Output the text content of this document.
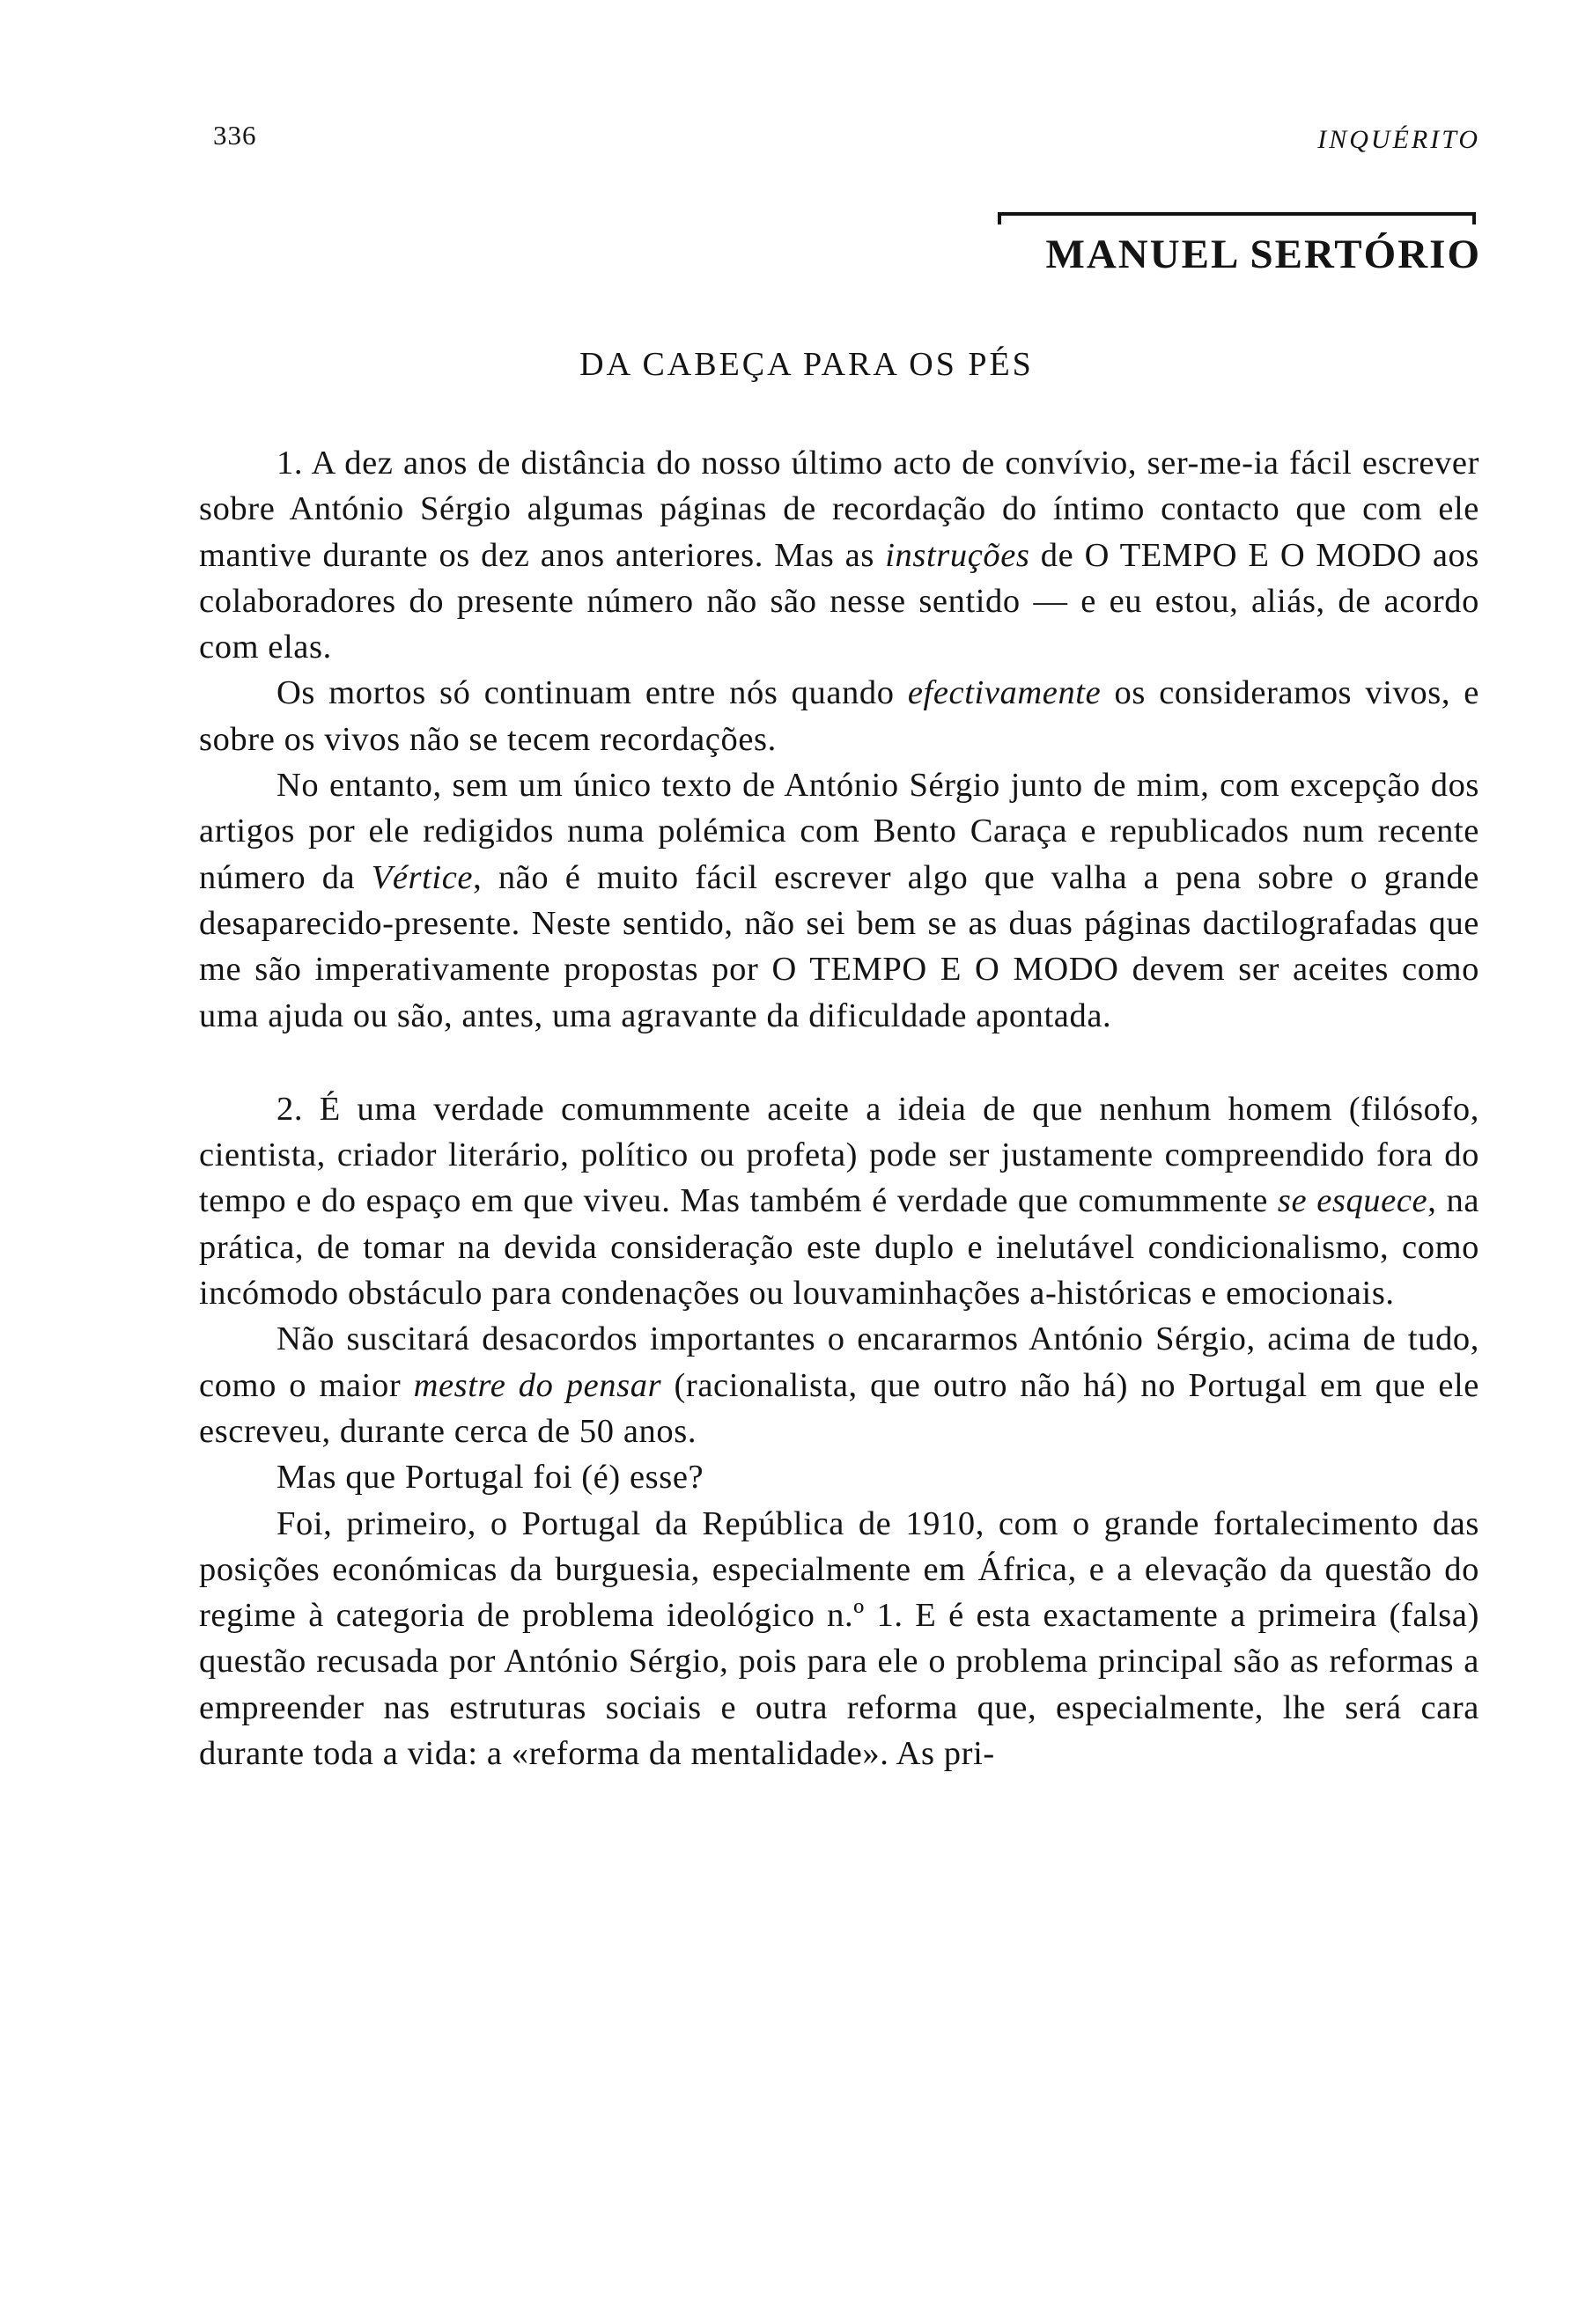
336	INQUÉRITO
MANUEL SERTÓRIO
DA CABEÇA PARA OS PÉS

1. A dez anos de distância do nosso último acto de convívio, ser-me-ia fácil escrever sobre António Sérgio algumas páginas de recordação do íntimo contacto que com ele mantive durante os dez anos anteriores. Mas as instruções de O TEMPO E O MODO aos colaboradores do presente número não são nesse sentido — e eu estou, aliás, de acordo com elas.

Os mortos só continuam entre nós quando efectivamente os consideramos vivos, e sobre os vivos não se tecem recordações.

No entanto, sem um único texto de António Sérgio junto de mim, com excepção dos artigos por ele redigidos numa polémica com Bento Caraça e republicados num recente número da Vértice, não é muito fácil escrever algo que valha a pena sobre o grande desaparecido-presente. Neste sentido, não sei bem se as duas páginas dactilografadas que me são imperativamente propostas por O TEMPO E O MODO devem ser aceites como uma ajuda ou são, antes, uma agravante da dificuldade apontada.

2. É uma verdade comummente aceite a ideia de que nenhum homem (filósofo, cientista, criador literário, político ou profeta) pode ser justamente compreendido fora do tempo e do espaço em que viveu. Mas também é verdade que comummente se esquece, na prática, de tomar na devida consideração este duplo e inelutável condicionalismo, como incómodo obstáculo para condenações ou louvaminhações a-históricas e emocionais.

Não suscitará desacordos importantes o encararmos António Sérgio, acima de tudo, como o maior mestre do pensar (racionalista, que outro não há) no Portugal em que ele escreveu, durante cerca de 50 anos.

Mas que Portugal foi (é) esse?

Foi, primeiro, o Portugal da República de 1910, com o grande fortalecimento das posições económicas da burguesia, especialmente em África, e a elevação da questão do regime à categoria de problema ideológico n.º 1. E é esta exactamente a primeira (falsa) questão recusada por António Sérgio, pois para ele o problema principal são as reformas a empreender nas estruturas sociais e outra reforma que, especialmente, lhe será cara durante toda a vida: a «reforma da mentalidade». As pri-
